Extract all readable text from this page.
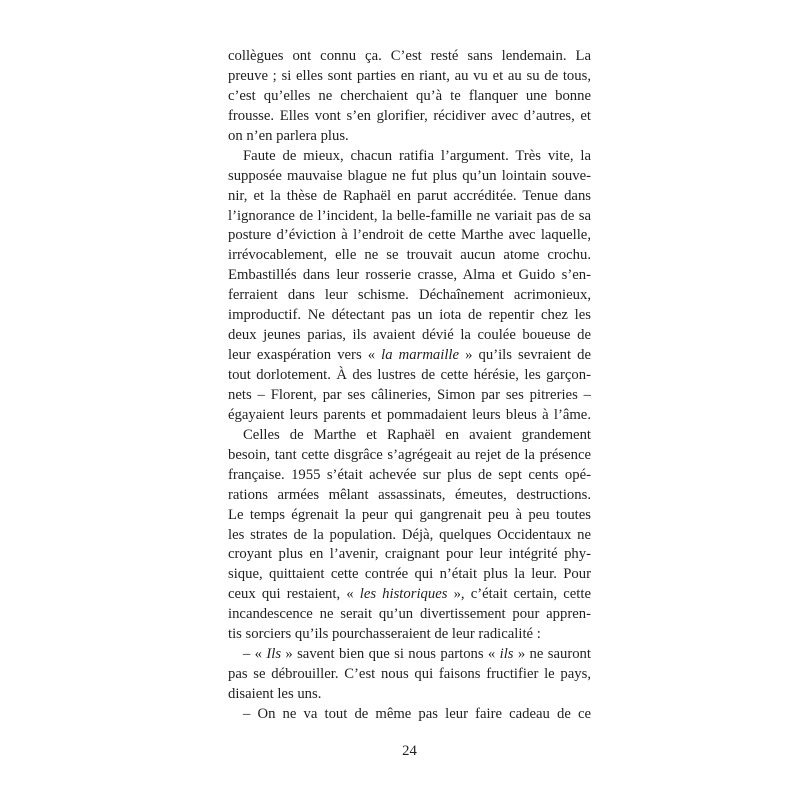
collègues ont connu ça. C’est resté sans lendemain. La
preuve ; si elles sont parties en riant, au vu et au su de tous,
c’est qu’elles ne cherchaient qu’à te flanquer une bonne
frousse. Elles vont s’en glorifier, récidiver avec d’autres, et
on n’en parlera plus.
Faute de mieux, chacun ratifia l’argument. Très vite, la
supposée mauvaise blague ne fut plus qu’un lointain souve-
nir, et la thèse de Raphaël en parut accréditée. Tenue dans
l’ignorance de l’incident, la belle-famille ne variait pas de sa
posture d’éviction à l’endroit de cette Marthe avec laquelle,
irrévocablement, elle ne se trouvait aucun atome crochu.
Embastillés dans leur rosserie crasse, Alma et Guido s’en-
ferraient dans leur schisme. Déchaînement acrimonieux,
improductif. Ne détectant pas un iota de repentir chez les
deux jeunes parias, ils avaient dévié la coulée boueuse de
leur exaspération vers « la marmaille » qu’ils sevraient de
tout dorlotement. À des lustres de cette hérésie, les garçon-
nets – Florent, par ses câlineries, Simon par ses pitreries –
égayaient leurs parents et pommadaient leurs bleus à l’âme.
Celles de Marthe et Raphaël en avaient grandement
besoin, tant cette disgrâce s’agrégeait au rejet de la présence
française. 1955 s’était achevée sur plus de sept cents opé-
rations armées mêlant assassinats, émeutes, destructions.
Le temps égrenait la peur qui gangrenait peu à peu toutes
les strates de la population. Déjà, quelques Occidentaux ne
croyant plus en l’avenir, craignant pour leur intégrité phy-
sique, quittaient cette contrée qui n’était plus la leur. Pour
ceux qui restaient, « les historiques », c’était certain, cette
incandescence ne serait qu’un divertissement pour appren-
tis sorciers qu’ils pourchasseraient de leur radicalité :
– « Ils » savent bien que si nous partons « ils » ne sauront
pas se débrouiller. C’est nous qui faisons fructifier le pays,
disaient les uns.
– On ne va tout de même pas leur faire cadeau de ce
24
